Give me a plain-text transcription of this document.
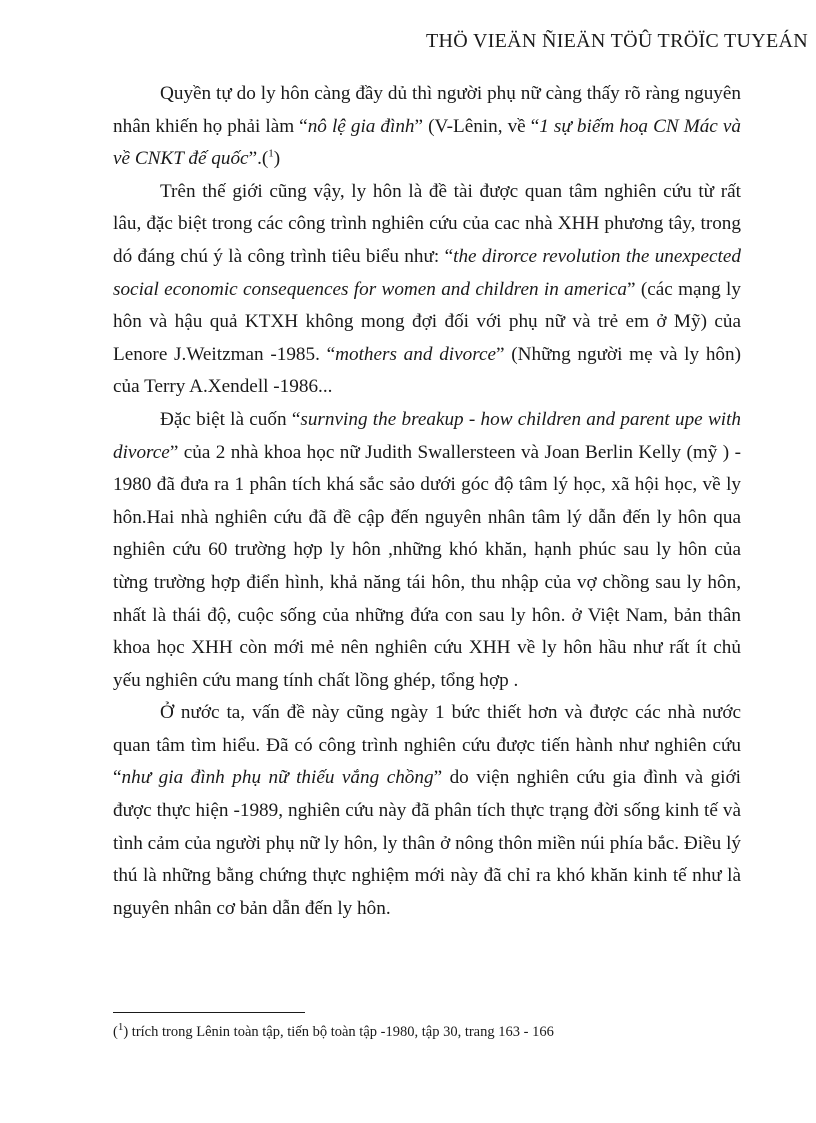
THÖ VIEÄN ÑIEÄN TÖÛ TRÖÏC TUYEÁN

Quyền tự do ly hôn càng đầy dủ thì người phụ nữ càng thấy rõ ràng nguyên nhân khiến họ phải làm “nô lệ gia đình” (V-Lênin, về “1 sự biếm hoạ CN Mác và về CNKT đế quốc”.($^1$)

Trên thế giới cũng vậy, ly hôn là đề tài được quan tâm nghiên cứu từ rất lâu, đặc biệt trong các công trình nghiên cứu của cac nhà XHH phương tây, trong dó đáng chú ý là công trình tiêu biểu như: “the dirorce revolution the unexpected social economic consequences for women and children in america” (các mạng ly hôn và hậu quả KTXH không mong đợi đối với phụ nữ và trẻ em ở Mỹ) của Lenore J.Weitzman -1985. “mothers and divorce” (Những người mẹ và ly hôn) của Terry A.Xendell -1986...

Đặc biệt là cuốn “surnving the breakup - how children and parent upe with divorce” của 2 nhà khoa học nữ Judith Swallersteen và Joan Berlin Kelly (mỹ ) - 1980 đã đưa ra 1 phân tích khá sắc sảo dưới góc độ tâm lý học, xã hội học, về ly hôn.Hai nhà nghiên cứu đã đề cập đến nguyên nhân tâm lý dẫn đến ly hôn qua nghiên cứu 60 trường hợp ly hôn ,những khó khăn, hạnh phúc sau ly hôn của từng trường hợp điển hình, khả năng tái hôn, thu nhập của vợ chồng sau ly hôn, nhất là thái độ, cuộc sống của những đứa con sau ly hôn. ở Việt Nam, bản thân khoa học XHH còn mới mẻ nên nghiên cứu XHH về ly hôn hầu như rất ít chủ yếu nghiên cứu mang tính chất lồng ghép, tổng hợp .

Ở nước ta, vấn đề này cũng ngày 1 bức thiết hơn và được các nhà nước quan tâm tìm hiểu. Đã có công trình nghiên cứu được tiến hành như nghiên cứu “như gia đình phụ nữ thiếu vắng chồng” do viện nghiên cứu gia đình và giới được thực hiện -1989, nghiên cứu này đã phân tích thực trạng đời sống kinh tế và tình cảm của người phụ nữ ly hôn, ly thân ở nông thôn miền núi phía bắc. Điều lý thú là những bằng chứng thực nghiệm mới này đã chỉ ra khó khăn kinh tế như là nguyên nhân cơ bản dẫn đến ly hôn.

($^1$) trích trong Lênin toàn tập, tiến bộ toàn tập -1980, tập 30, trang 163 - 166
